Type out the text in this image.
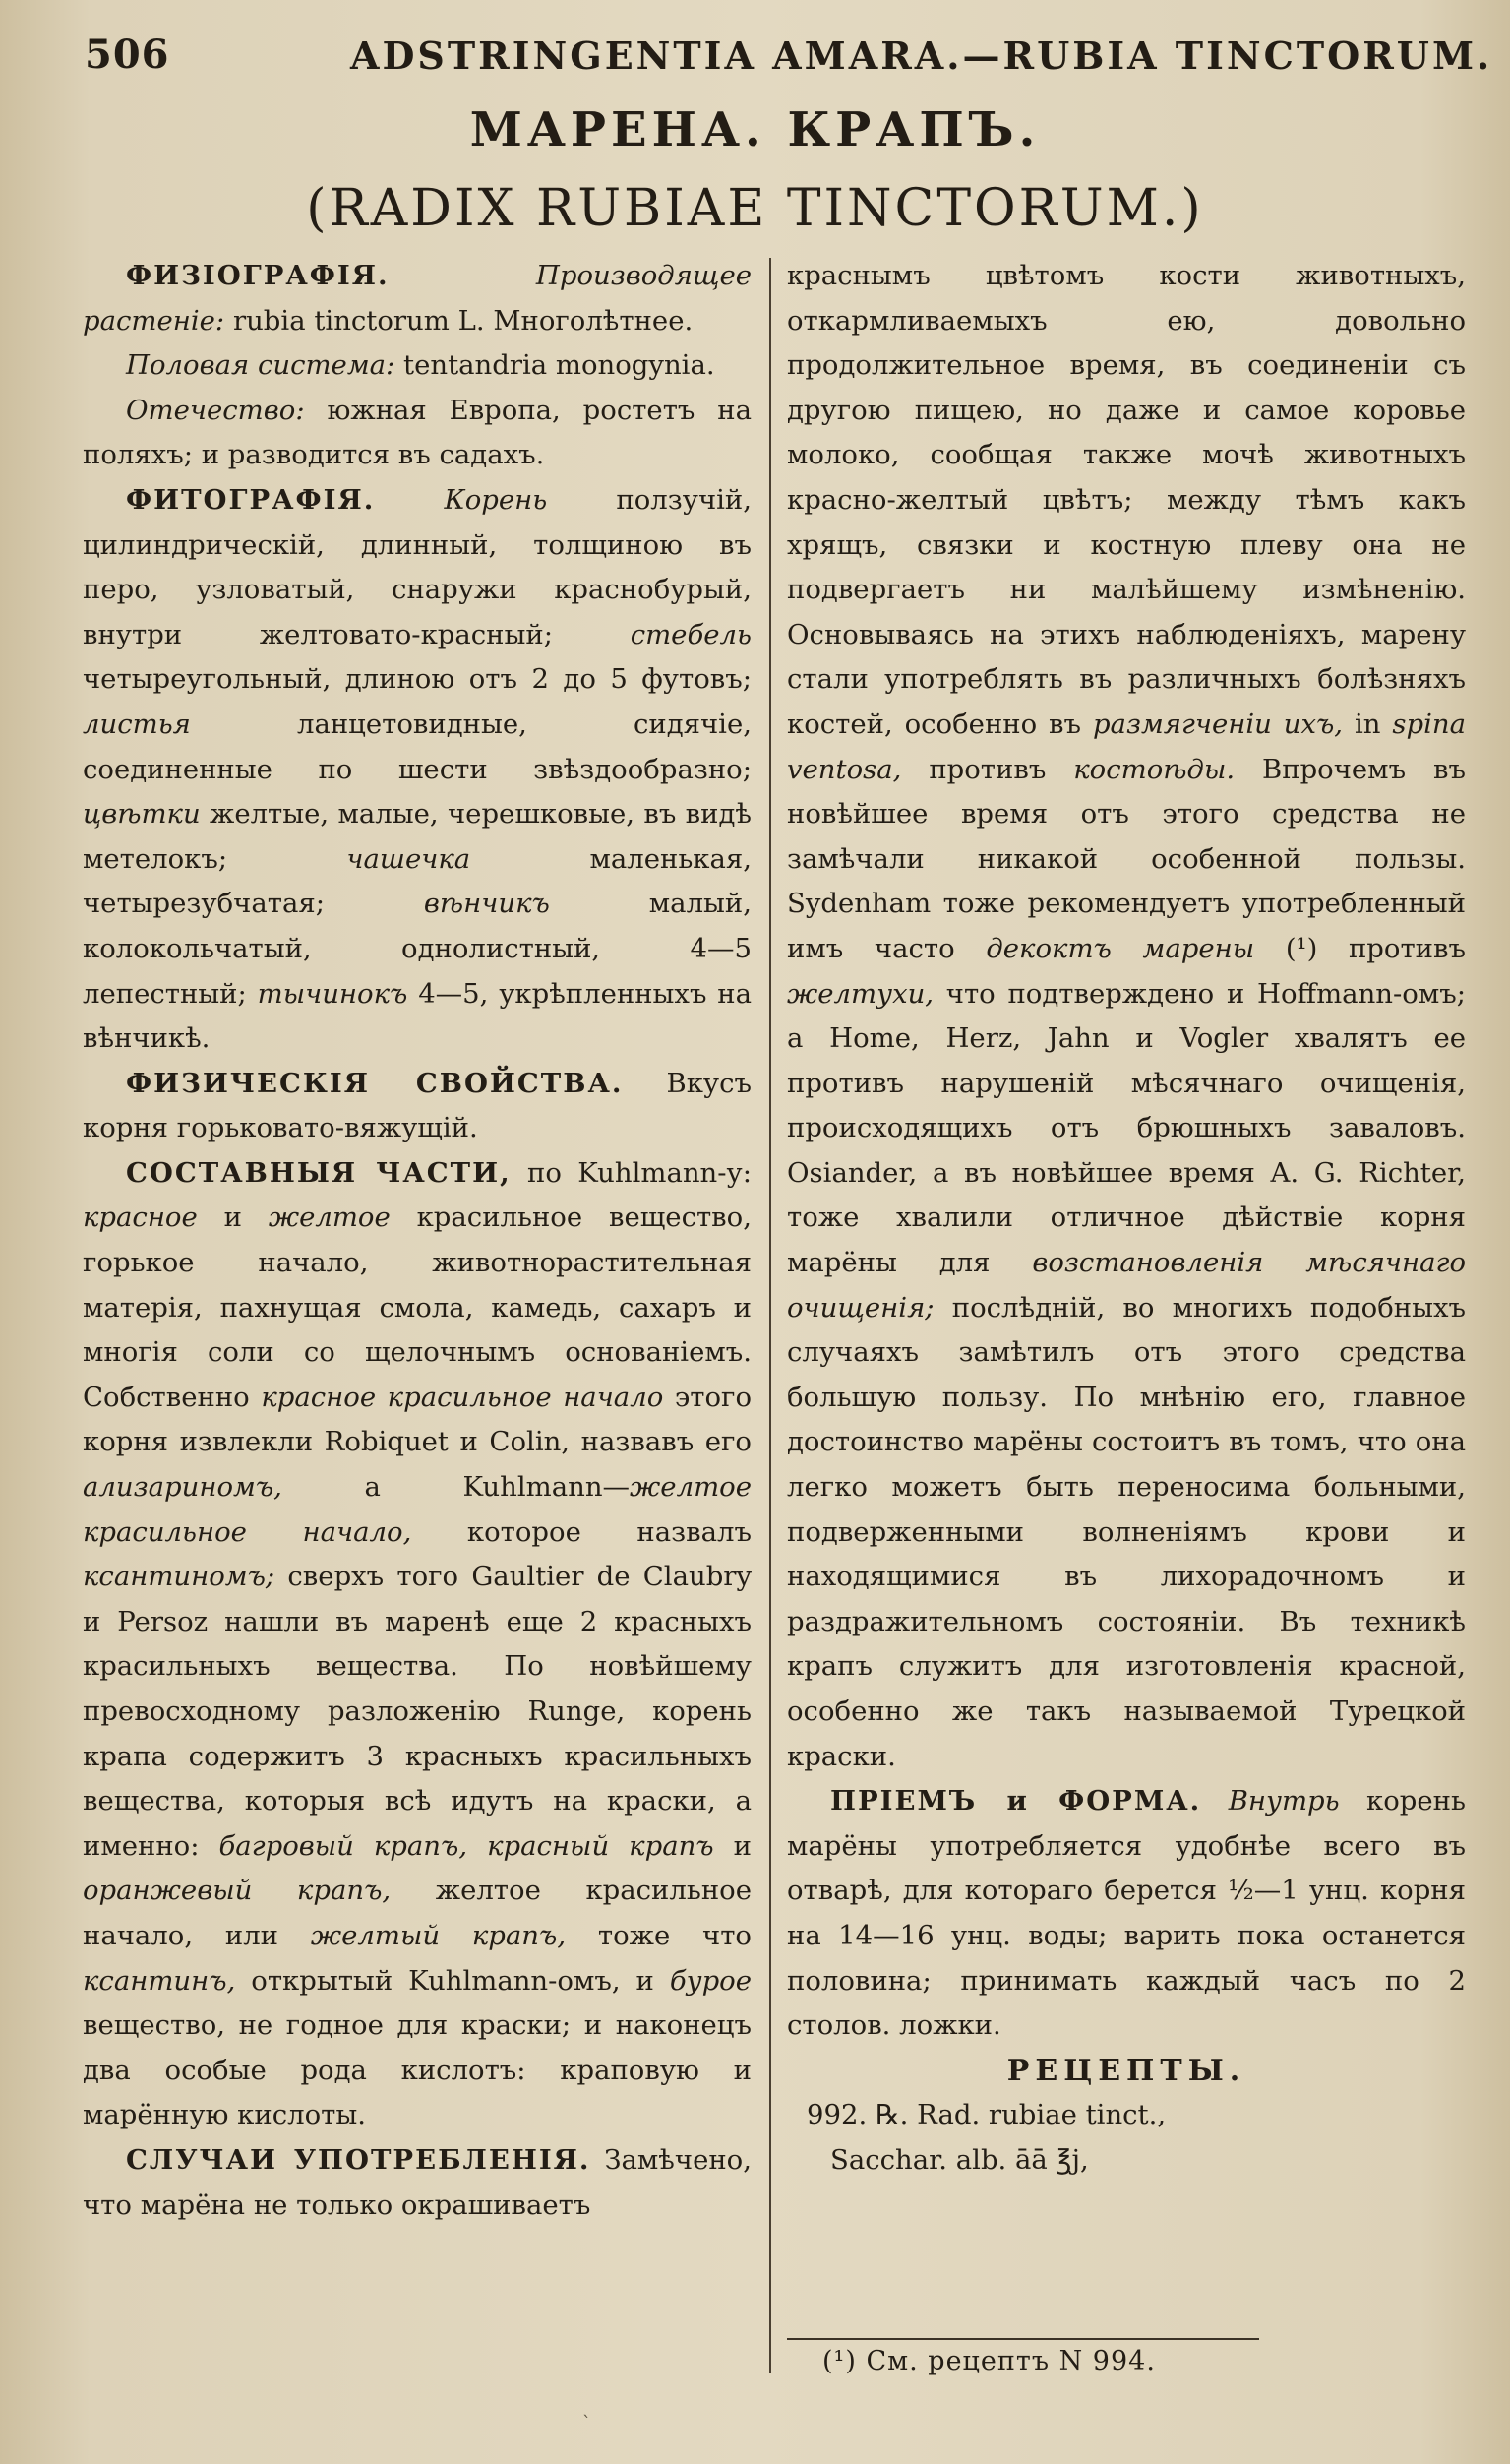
506	ADSTRINGENTIA AMARA.—RUBIA TINCTORUM.
МАРЕНА. КРАПЪ.
(RADIX RUBIAE TINCTORUM.)

ФИЗІОГРАФІЯ.	Производящее растеніе: rubia tinctorum L. Многолѣтнее.

Половая система: tentandria monogynia.

Отечество: южная Европа, ростетъ на поляхъ; и разводится въ садахъ.

ФИТОГРАФІЯ.	Корень	ползучій, цилиндрическій, длинный, толщиною въ перо, узловатый, снаружи краснобурый, внутри желтовато-красный;	стебель четыреугольный, длиною отъ 2 до 5 футовъ; листья	ланцетовидные, сидячіе, соединенные по шести звѣздообразно; цвѣтки желтые, малые, черешковые, въ видѣ метелокъ;	чашечка	маленькая, четырезубчатая;	вѣнчикъ	малый, колокольчатый, однолистный, 4—5 лепестный; тычинокъ 4—5, укрѣпленныхъ на вѣнчикѣ.

ФИЗИЧЕСКІЯ СВОЙСТВА. Вкусъ корня горьковато-вяжущій.

СОСТАВНЫЯ ЧАСТИ, по Kuhlmann-у: красное и желтое красильное вещество, горькое начало, животнорастительная матерія, пахнущая смола, камедь, сахаръ и многія соли со щелочнымъ основаніемъ. Собственно красное красильное начало этого корня извлекли Robiquet и Colin, назвавъ его ализариномъ,	а Kuhlmann—желтое красильное начало, которое назвалъ ксантиномъ; сверхъ того Gaultier de Claubry и Persoz нашли въ маренѣ еще 2 красныхъ красильныхъ вещества. По новѣйшему превосходному разложенію Runge, корень крапа содержитъ 3 красныхъ красильныхъ вещества, которыя всѣ идутъ на краски, а именно: багровый крапъ, красный крапъ и оранжевый крапъ, желтое красильное начало, или желтый крапъ, тоже что ксантинъ, открытый Kuhlmann-омъ, и бурое вещество, не годное для краски; и наконецъ два особые рода кислотъ: краповую и марённую кислоты.

СЛУЧАИ УПОТРЕБЛЕНІЯ. Замѣчено, что марёна не только окрашиваетъ

краснымъ цвѣтомъ кости животныхъ, откармливаемыхъ ею, довольно продолжительное время, въ соединеніи съ другою пищею, но даже и самое коровье молоко, сообщая также мочѣ животныхъ красно-желтый цвѣтъ; между тѣмъ какъ хрящъ, связки и костную плеву она не подвергаетъ ни малѣйшему измѣненію. Основываясь на этихъ наблюденіяхъ, марену стали употреблять въ различныхъ болѣзняхъ костей, особенно въ размягченіи ихъ, in spina ventosa, противъ костоѣды. Впрочемъ въ новѣйшее время отъ этого средства не замѣчали никакой особенной пользы. Sydenham тоже рекомендуетъ употребленный имъ часто декоктъ марены (¹) противъ желтухи, что подтверждено и Hoffmann-омъ; а Home, Herz, Jahn и Vogler хвалятъ ее противъ нарушеній мѣсячнаго очищенія, происходящихъ отъ брюшныхъ заваловъ. Osiander, а въ новѣйшее время A. G. Richter, тоже хвалили отличное дѣйствіе корня марёны для возстановленія мѣсячнаго очищенія; послѣдній, во многихъ подобныхъ случаяхъ замѣтилъ отъ этого средства большую пользу. По мнѣнію его, главное достоинство марёны состоитъ въ томъ, что она легко можетъ быть переносима больными, подверженными волненіямъ крови и находящимися въ лихорадочномъ и раздражительномъ состояніи. Въ техникѣ крапъ служитъ для изготовленія красной, особенно же такъ называемой Турецкой краски.

ПРІЕМЪ и ФОРМА. Внутрь корень марёны употребляется удобнѣе всего въ отварѣ, для котораго берется ½—1 унц. корня на 14—16 унц. воды; варить пока останется половина; принимать каждый часъ по 2 столов. ложки.

РЕЦЕПТЫ.

992. ℞. Rad. rubiae tinct.,

Sacchar. alb. āā ℥j,

(¹) См. рецептъ N 994.
ˋ
